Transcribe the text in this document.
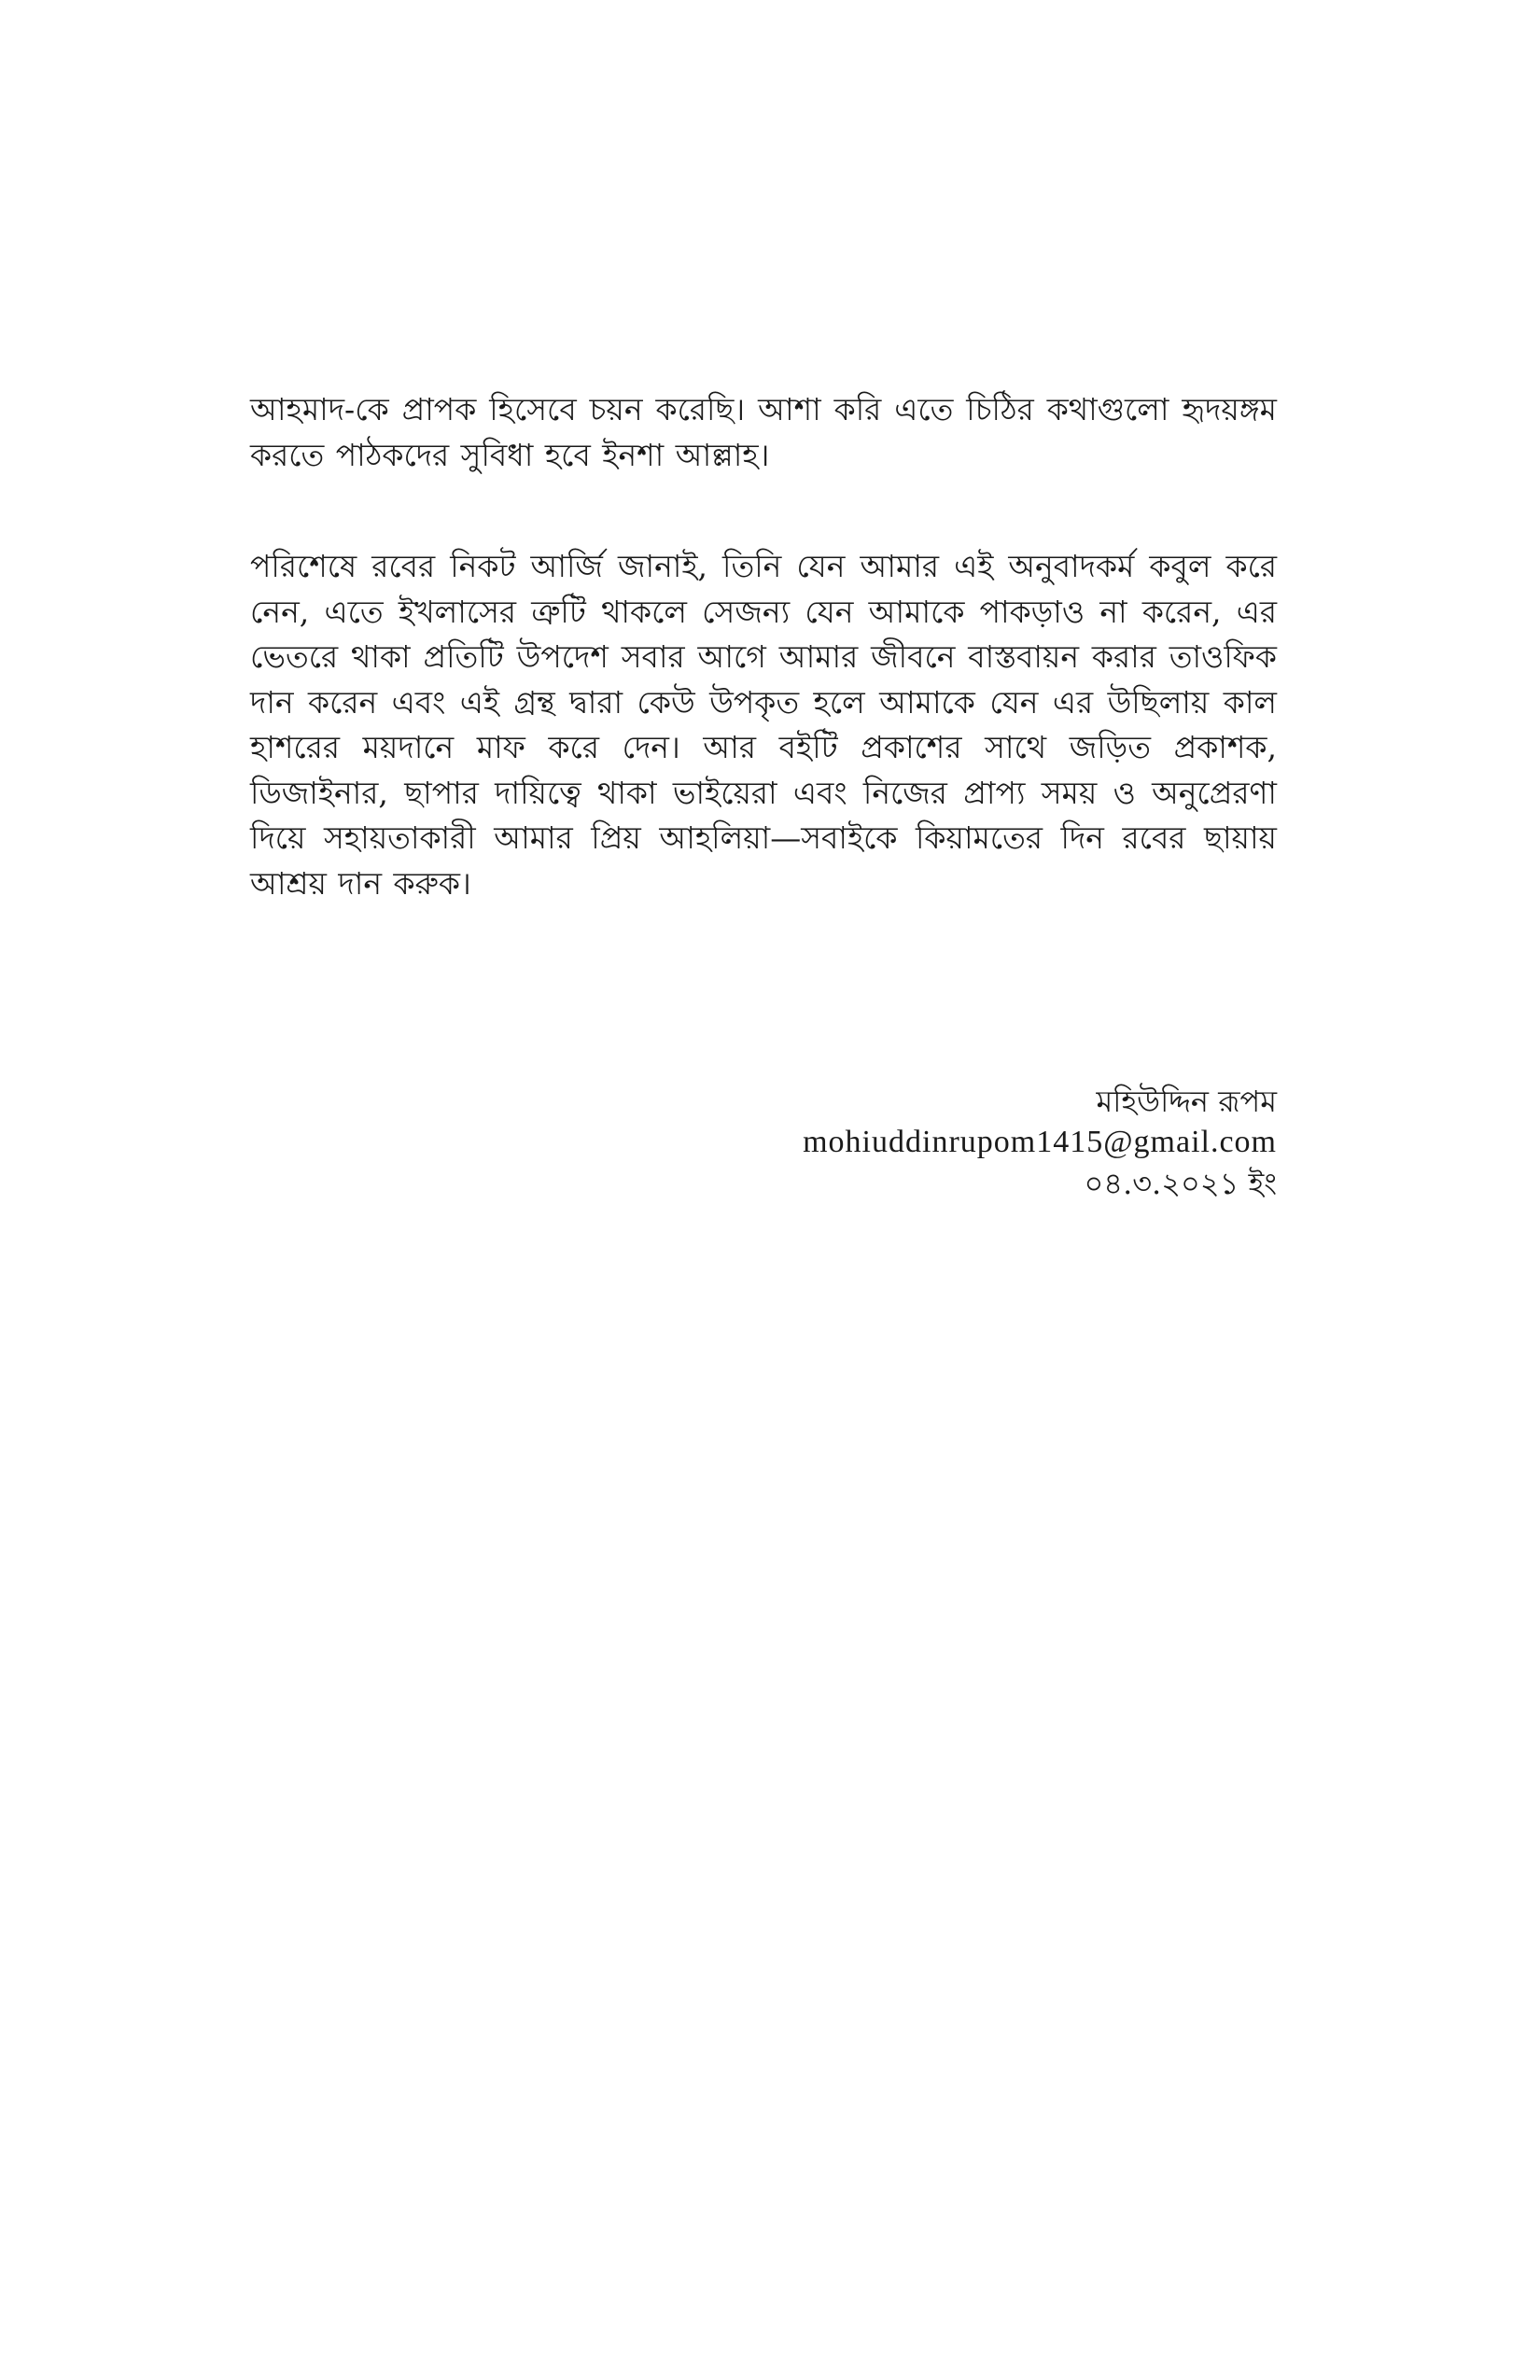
আহমাদ-কে প্রাপক হিসেবে চয়ন করেছি। আশা করি এতে চিঠির কথাগুলো হৃদয়ঙ্গম করতে পাঠকদের সুবিধা হবে ইনশা আল্লাহ।

পরিশেষে রবের নিকট আর্জি জানাই, তিনি যেন আমার এই অনুবাদকর্ম কবুল করে নেন, এতে ইখলাসের ত্রুটি থাকলে সেজন্য যেন আমাকে পাকড়াও না করেন, এর ভেতরে থাকা প্রতিটি উপদেশ সবার আগে আমার জীবনে বাস্তবায়ন করার তাওফিক দান করেন এবং এই গ্রন্থ দ্বারা কেউ উপকৃত হলে আমাকে যেন এর উছিলায় কাল হাশরের ময়দানে মাফ করে দেন। আর বইটি প্রকাশের সাথে জড়িত প্রকাশক, ডিজাইনার, ছাপার দায়িত্বে থাকা ভাইয়েরা এবং নিজের প্রাপ্য সময় ও অনুপ্রেরণা দিয়ে সহায়তাকারী আমার প্রিয় আহলিয়া—সবাইকে কিয়ামতের দিন রবের ছায়ায় আশ্রয় দান করুক।

মহিউদ্দিন রূপম
mohiuddinrupom1415@gmail.com
০৪.৩.২০২১ ইং
